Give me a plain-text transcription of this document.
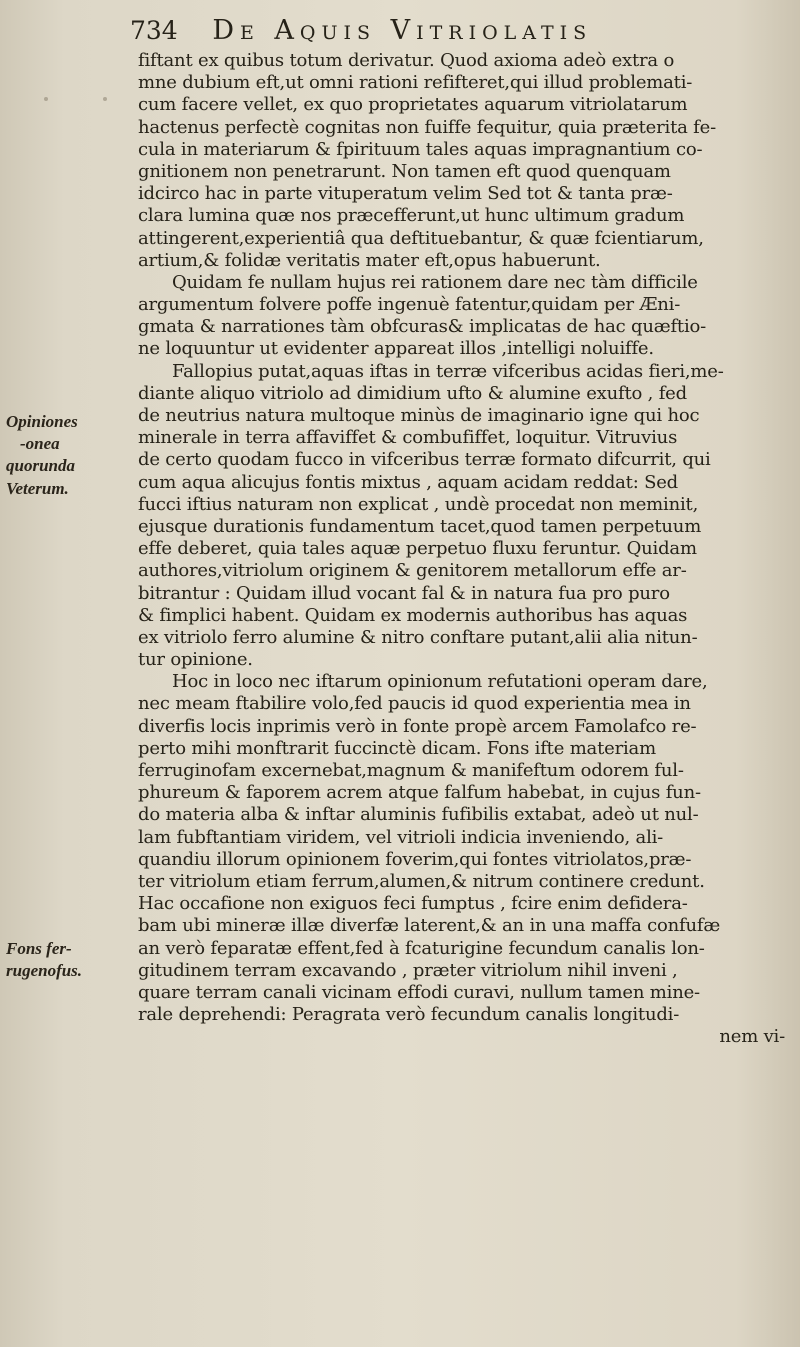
734 De Aquis Vitriolatis
Opiniones
-onea
quorunda
Veterum.
Fons fer-
rugenofus.
fiftant ex quibus totum derivatur. Quod axioma adeò extra o
mne dubium eft,ut omni rationi refifteret,qui illud problemati-
cum facere vellet, ex quo proprietates aquarum vitriolatarum
hactenus perfectè cognitas non fuiffe fequitur, quia præterita fe-
cula in materiarum & fpirituum tales aquas impragnantium co-
gnitionem non penetrarunt. Non tamen eft quod quenquam
idcirco hac in parte vituperatum velim Sed tot & tanta præ-
clara lumina quæ nos præcefferunt,ut hunc ultimum gradum
attingerent,experientiâ qua deftituebantur, & quæ fcientiarum,
artium,& folidæ veritatis mater eft,opus habuerunt.
Quidam fe nullam hujus rei rationem dare nec tàm difficile
argumentum folvere poffe ingenuè fatentur,quidam per Æni-
gmata & narrationes tàm obfcuras& implicatas de hac quæftio-
ne loquuntur ut evidenter appareat illos ,intelligi noluiffe.
Fallopius putat,aquas iftas in terræ vifceribus acidas fieri,me-
diante aliquo vitriolo ad dimidium ufto & alumine exufto , fed
de neutrius natura multoque minùs de imaginario igne qui hoc
minerale in terra affaviffet & combufiffet, loquitur. Vitruvius
de certo quodam fucco in vifceribus terræ formato difcurrit, qui
cum aqua alicujus fontis mixtus , aquam acidam reddat: Sed
fucci iftius naturam non explicat , undè procedat non meminit,
ejusque durationis fundamentum tacet,quod tamen perpetuum
effe deberet, quia tales aquæ perpetuo fluxu feruntur. Quidam
authores,vitriolum originem & genitorem metallorum effe ar-
bitrantur : Quidam illud vocant fal & in natura fua pro puro
& fimplici habent. Quidam ex modernis authoribus has aquas
ex vitriolo ferro alumine & nitro conftare putant,alii alia nitun-
tur opinione.
Hoc in loco nec iftarum opinionum refutationi operam dare,
nec meam ftabilire volo,fed paucis id quod experientia mea in
diverfis locis inprimis verò in fonte propè arcem Famolafco re-
perto mihi monftrarit fuccinctè dicam. Fons ifte materiam
ferruginofam excernebat,magnum & manifeftum odorem ful-
phureum & faporem acrem atque falfum habebat, in cujus fun-
do materia alba & inftar aluminis fufibilis extabat, adeò ut nul-
lam fubftantiam viridem, vel vitrioli indicia inveniendo, ali-
quandiu illorum opinionem foverim,qui fontes vitriolatos,præ-
ter vitriolum etiam ferrum,alumen,& nitrum continere credunt.
Hac occafione non exiguos feci fumptus , fcire enim defidera-
bam ubi mineræ illæ diverfæ laterent,& an in una maffa confufæ
an verò feparatæ effent,fed à fcaturigine fecundum canalis lon-
gitudinem terram excavando , præter vitriolum nihil inveni ,
quare terram canali vicinam effodi curavi, nullum tamen mine-
rale deprehendi: Peragrata verò fecundum canalis longitudi-
nem vi-
